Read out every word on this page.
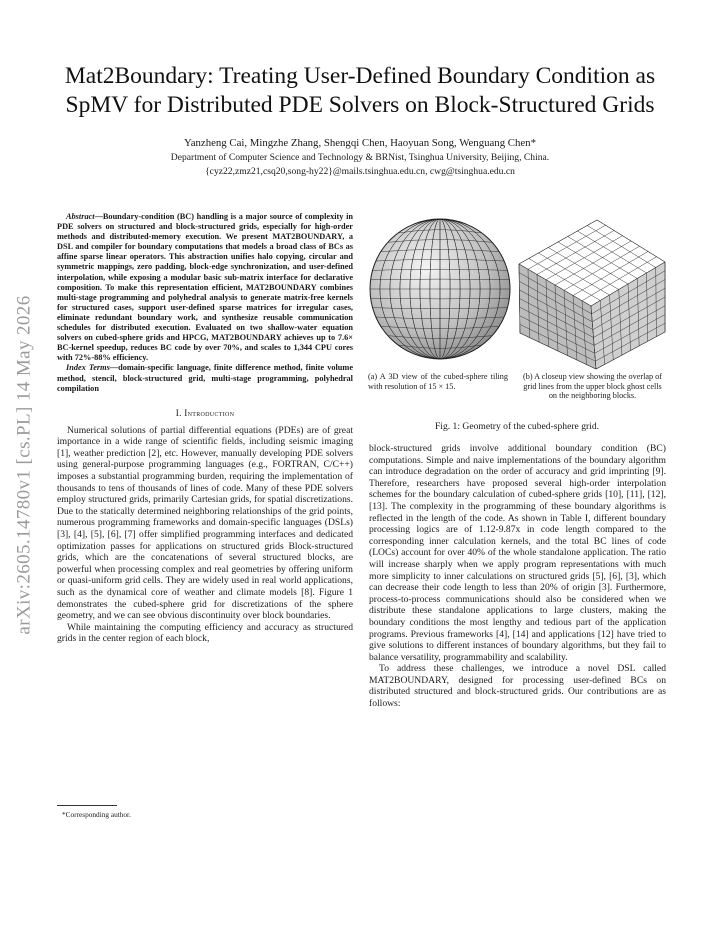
arXiv:2605.14780v1 [cs.PL] 14 May 2026
Mat2Boundary: Treating User-Defined Boundary Condition as SpMV for Distributed PDE Solvers on Block-Structured Grids
Yanzheng Cai, Mingzhe Zhang, Shengqi Chen, Haoyuan Song, Wenguang Chen*
Department of Computer Science and Technology & BRNist, Tsinghua University, Beijing, China.
{cyz22,zmz21,csq20,song-hy22}@mails.tsinghua.edu.cn, cwg@tsinghua.edu.cn

Abstract—Boundary-condition (BC) handling is a major source of complexity in PDE solvers on structured and block-structured grids, especially for high-order methods and distributed-memory execution. We present MAT2BOUNDARY, a DSL and compiler for boundary computations that models a broad class of BCs as affine sparse linear operators. This abstraction unifies halo copying, circular and symmetric mappings, zero padding, block-edge synchronization, and user-defined interpolation, while exposing a modular basic sub-matrix interface for declarative composition. To make this representation efficient, MAT2BOUNDARY combines multi-stage programming and polyhedral analysis to generate matrix-free kernels for structured cases, support user-defined sparse matrices for irregular cases, eliminate redundant boundary work, and synthesize reusable communication schedules for distributed execution. Evaluated on two shallow-water equation solvers on cubed-sphere grids and HPCG, MAT2BOUNDARY achieves up to 7.6× BC-kernel speedup, reduces BC code by over 70%, and scales to 1,344 CPU cores with 72%-88% efficiency.

Index Terms—domain-specific language, finite difference method, finite volume method, stencil, block-structured grid, multi-stage programming, polyhedral compilation

I. Introduction

Numerical solutions of partial differential equations (PDEs) are of great importance in a wide range of scientific fields, including seismic imaging [1], weather prediction [2], etc. However, manually developing PDE solvers using general-purpose programming languages (e.g., FORTRAN, C/C++) imposes a substantial programming burden, requiring the implementation of thousands to tens of thousands of lines of code. Many of these PDE solvers employ structured grids, primarily Cartesian grids, for spatial discretizations. Due to the statically determined neighboring relationships of the grid points, numerous programming frameworks and domain-specific languages (DSLs) [3], [4], [5], [6], [7] offer simplified programming interfaces and dedicated optimization passes for applications on structured grids Block-structured grids, which are the concatenations of several structured blocks, are powerful when processing complex and real geometries by offering uniform or quasi-uniform grid cells. They are widely used in real world applications, such as the dynamical core of weather and climate models [8]. Figure 1 demonstrates the cubed-sphere grid for discretizations of the sphere geometry, and we can see obvious discontinuity over block boundaries.

While maintaining the computing efficiency and accuracy as structured grids in the center region of each block,

*Corresponding author.
(a) A 3D view of the cubed-sphere tiling with resolution of 15 × 15.
(b) A closeup view showing the overlap of grid lines from the upper block ghost cells on the neighboring blocks.
Fig. 1: Geometry of the cubed-sphere grid.

block-structured grids involve additional boundary condition (BC) computations. Simple and naive implementations of the boundary algorithm can introduce degradation on the order of accuracy and grid imprinting [9]. Therefore, researchers have proposed several high-order interpolation schemes for the boundary calculation of cubed-sphere grids [10], [11], [12], [13]. The complexity in the programming of these boundary algorithms is reflected in the length of the code. As shown in Table I, different boundary processing logics are of 1.12-9.87x in code length compared to the corresponding inner calculation kernels, and the total BC lines of code (LOCs) account for over 40% of the whole standalone application. The ratio will increase sharply when we apply program representations with much more simplicity to inner calculations on structured grids [5], [6], [3], which can decrease their code length to less than 20% of origin [3]. Furthermore, process-to-process communications should also be considered when we distribute these standalone applications to large clusters, making the boundary conditions the most lengthy and tedious part of the application programs. Previous frameworks [4], [14] and applications [12] have tried to give solutions to different instances of boundary algorithms, but they fail to balance versatility, programmability and scalability.

To address these challenges, we introduce a novel DSL called MAT2BOUNDARY, designed for processing user-defined BCs on distributed structured and block-structured grids. Our contributions are as follows:
